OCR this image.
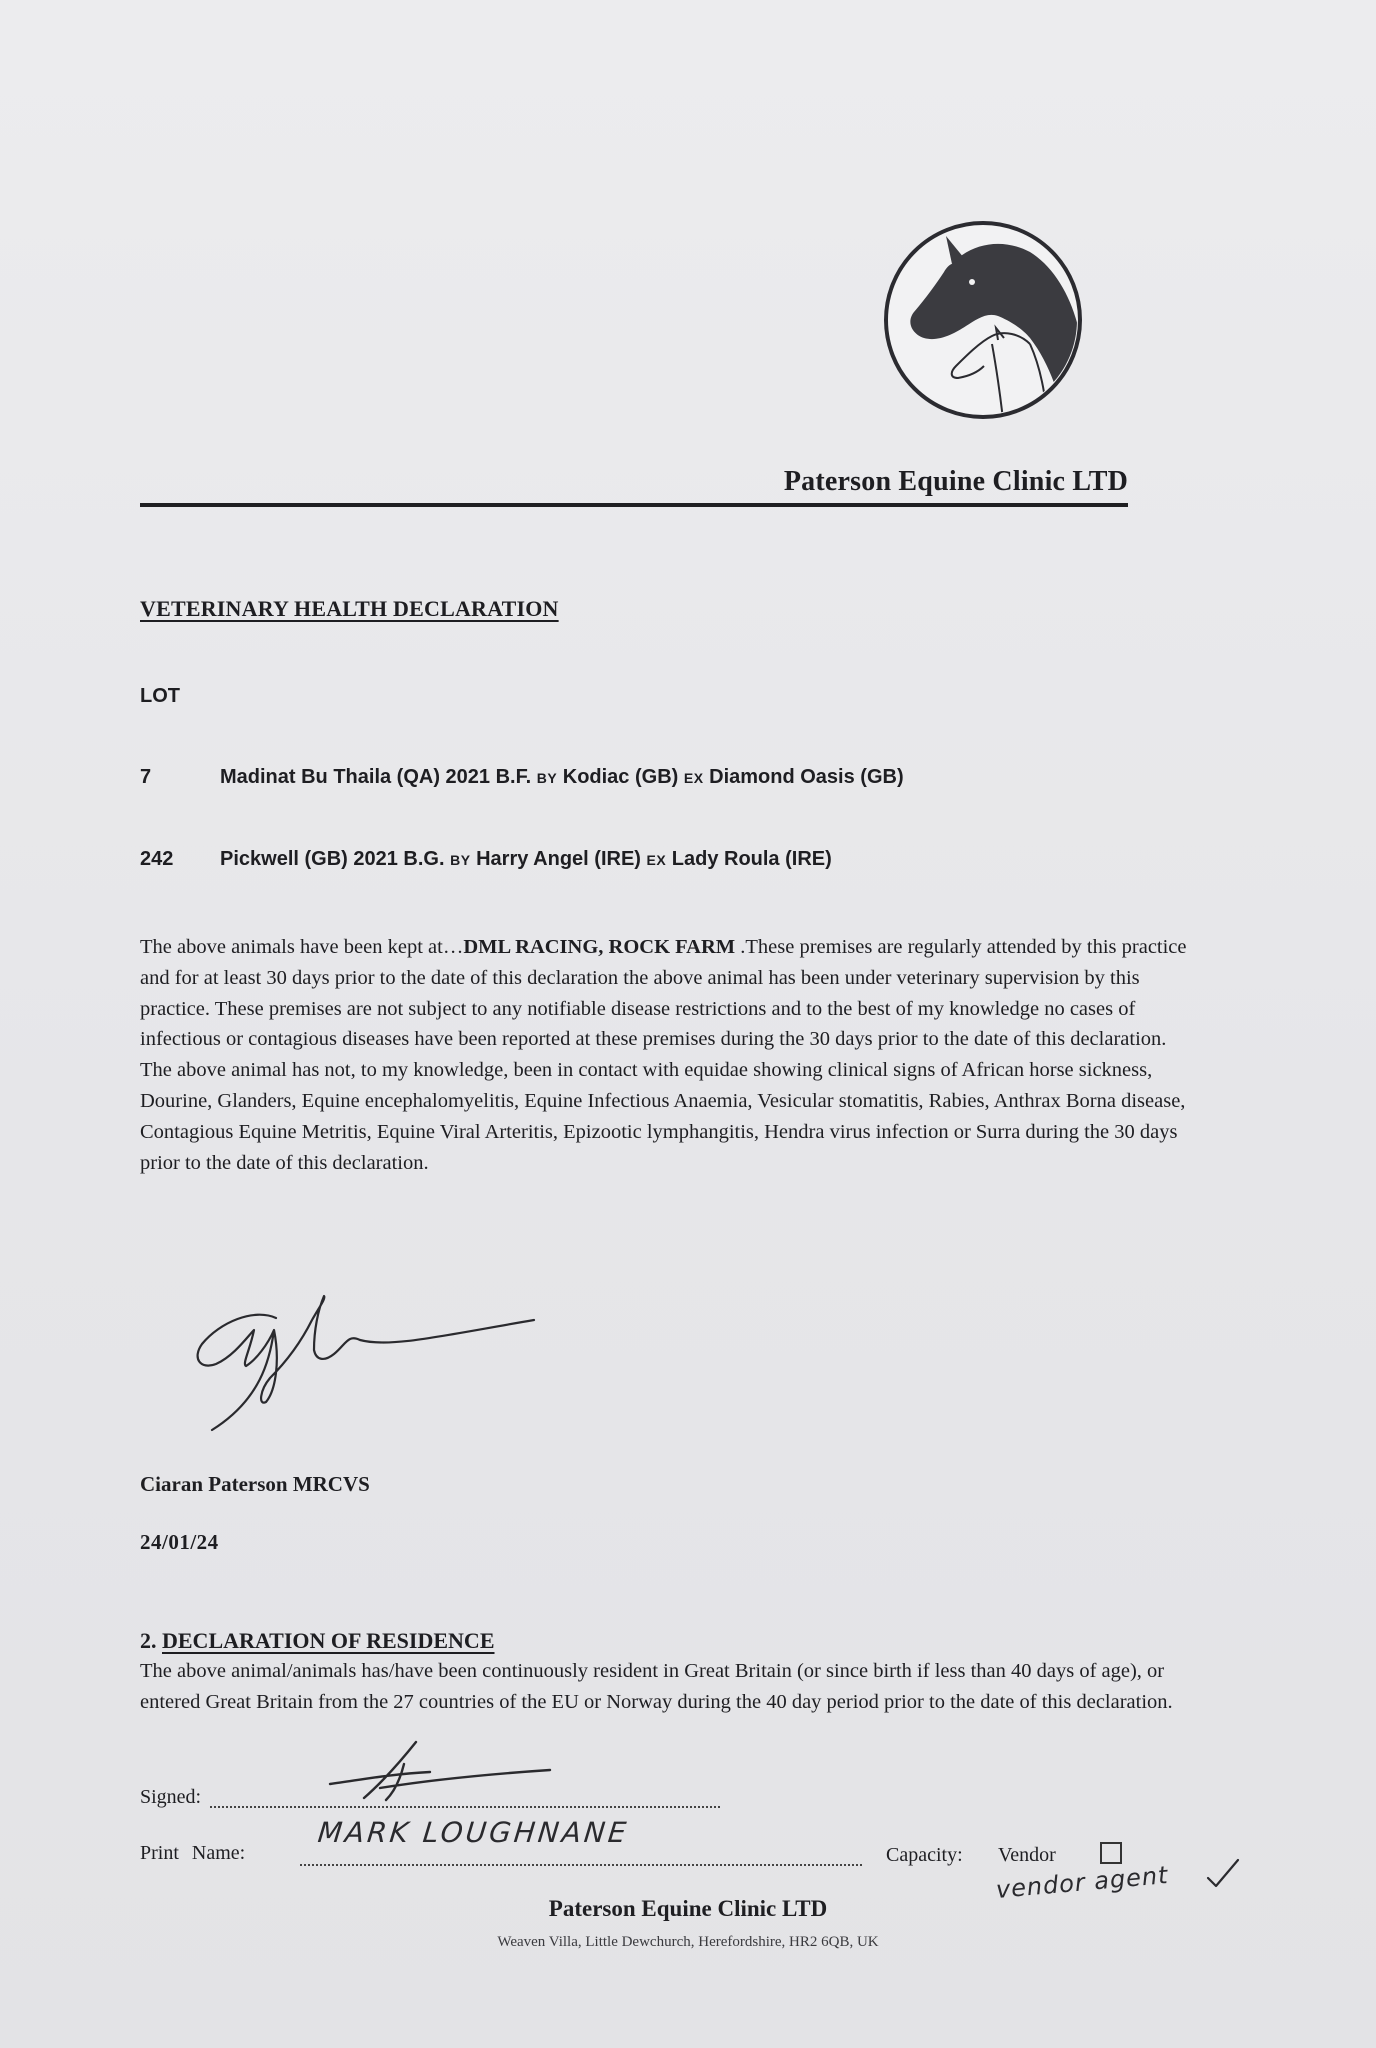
Paterson Equine Clinic LTD
VETERINARY HEALTH DECLARATION
LOT
7	Madinat Bu Thaila (QA) 2021 B.F. BY Kodiac (GB) EX Diamond Oasis (GB)
242 Pickwell (GB) 2021 B.G. BY Harry Angel (IRE) EX Lady Roula (IRE)
The above animals have been kept at…DML RACING, ROCK FARM .These premises are regularly attended by this practice and for at least 30 days prior to the date of this declaration the above animal has been under veterinary supervision by this practice. These premises are not subject to any notifiable disease restrictions and to the best of my knowledge no cases of infectious or contagious diseases have been reported at these premises during the 30 days prior to the date of this declaration. The above animal has not, to my knowledge, been in contact with equidae showing clinical signs of African horse sickness, Dourine, Glanders, Equine encephalomyelitis, Equine Infectious Anaemia, Vesicular stomatitis, Rabies, Anthrax Borna disease, Contagious Equine Metritis, Equine Viral Arteritis, Epizootic lymphangitis, Hendra virus infection or Surra during the 30 days prior to the date of this declaration.
Ciaran Paterson MRCVS
24/01/24
2. DECLARATION OF RESIDENCE
The above animal/animals has/have been continuously resident in Great Britain (or since birth if less than 40 days of age), or entered Great Britain from the 27 countries of the EU or Norway during the 40 day period prior to the date of this declaration.
Signed:
Print Name:
MARK LOUGHNANE
Capacity: Vendor
vendor agent
Paterson Equine Clinic LTD
Weaven Villa, Little Dewchurch, Herefordshire, HR2 6QB, UK
